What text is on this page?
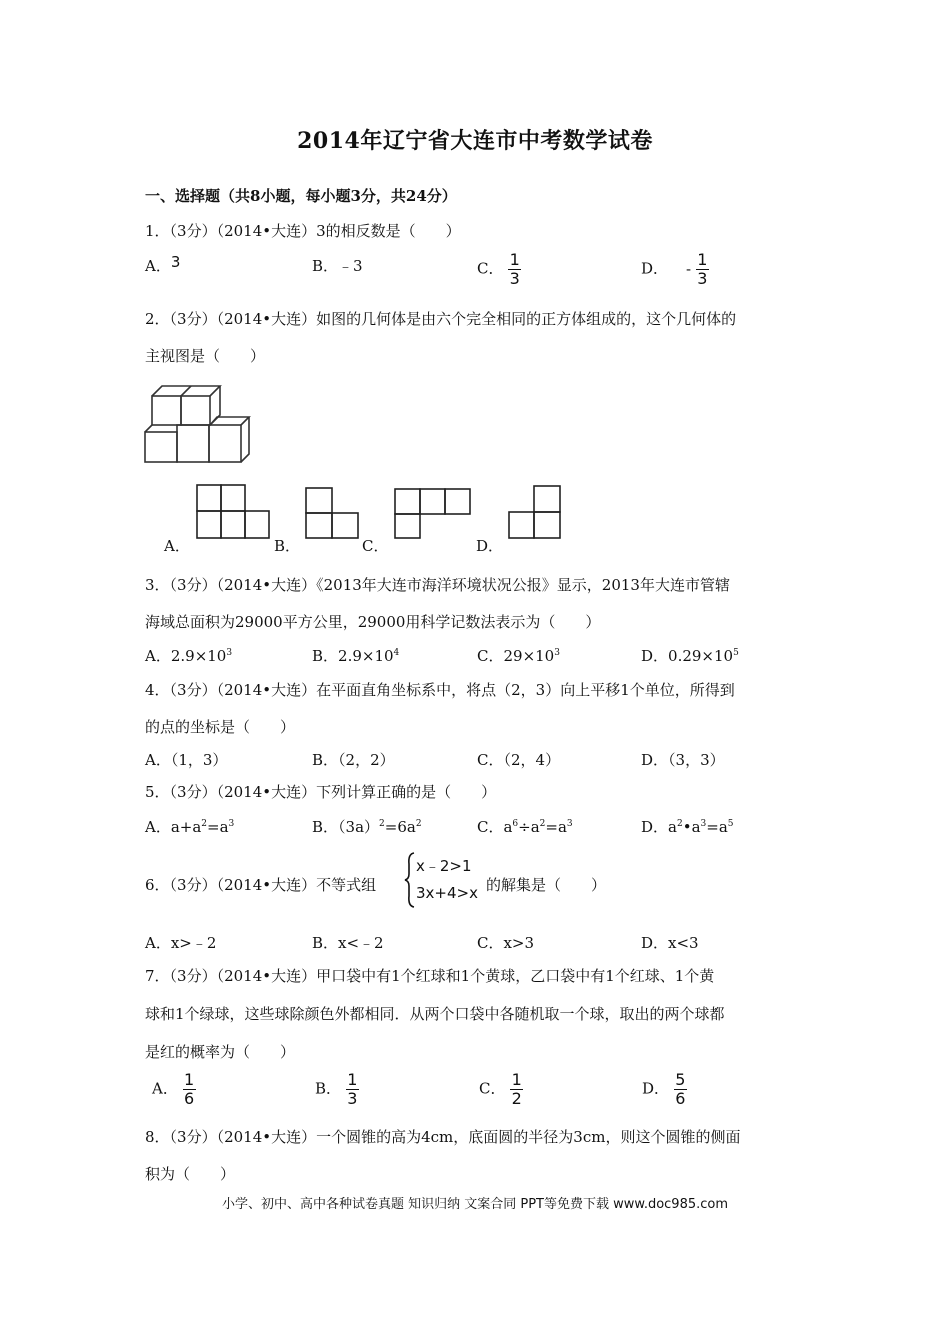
2014年辽宁省大连市中考数学试卷
一、选择题（共8小题，每小题3分，共24分）
1．（3分）（2014•大连）3的相反数是（　　）
A．3	B．﹣3	C． $\frac{1}{3}$	D． - $\frac{1}{3}$
2．（3分）（2014•大连）如图的几何体是由六个完全相同的正方体组成的，这个几何体的
主视图是（　　）
A．	B．	C．	D．
3．（3分）（2014•大连）《2013年大连市海洋环境状况公报》显示，2013年大连市管辖
海域总面积为29000平方公里，29000用科学记数法表示为（　　）
A．$2.9\times 10^3$	B．$2.9\times 10^4$	C．$29\times 10^3$	D．$0.29\times 10^5$
4．（3分）（2014•大连）在平面直角坐标系中，将点（2，3）向上平移1个单位，所得到
的点的坐标是（　　）
A．（1，3）	B．（2，2）	C．（2，4）	D．（3，3）
5．（3分）（2014•大连）下列计算正确的是（　　）
A．$a+a^2=a^3$	B．$(3a)^2=6a^2$	C．$a^6\div a^2=a^3$	D．$a^2•a^3=a^5$
6．（3分）（2014•大连）不等式组
x﹣2>1
3x+4>x 的解集是（　　）
A．x>﹣2	B．x<﹣2	C．x>3	D．x<3
7．（3分）（2014•大连）甲口袋中有1个红球和1个黄球，乙口袋中有1个红球、1个黄
球和1个绿球，这些球除颜色外都相同．从两个口袋中各随机取一个球，取出的两个球都
是红的概率为（　　）
A． $\frac{1}{6}$	B． $\frac{1}{3}$	C． $\frac{1}{2}$	D． $\frac{5}{6}$
8．（3分）（2014•大连）一个圆锥的高为4cm，底面圆的半径为3cm，则这个圆锥的侧面
积为（　　）
小学、初中、高中各种试卷真题 知识归纳 文案合同 PPT等免费下载 www.doc985.com
